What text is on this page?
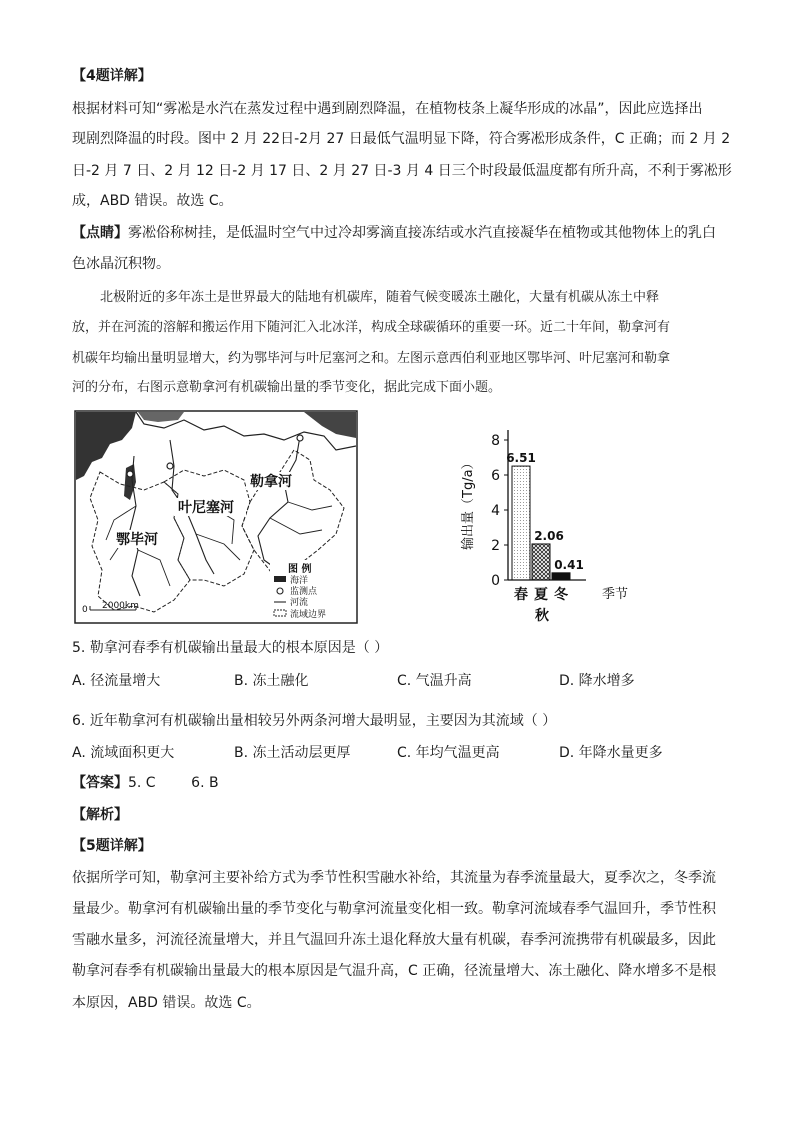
【4题详解】
根据材料可知“雾凇是水汽在蒸发过程中遇到剧烈降温，在植物枝条上凝华形成的冰晶”，因此应选择出
现剧烈降温的时段。图中 2 月 22日-2月 27 日最低气温明显下降，符合雾凇形成条件，C 正确；而 2 月 2
日-2 月 7 日、2 月 12 日-2 月 17 日、2 月 27 日-3 月 4 日三个时段最低温度都有所升高，不利于雾凇形
成，ABD 错误。故选 C。
【点睛】雾凇俗称树挂，是低温时空气中过冷却雾滴直接冻结或水汽直接凝华在植物或其他物体上的乳白
色冰晶沉积物。
北极附近的多年冻土是世界最大的陆地有机碳库，随着气候变暖冻土融化，大量有机碳从冻土中释
放，并在河流的溶解和搬运作用下随河汇入北冰洋，构成全球碳循环的重要一环。近二十年间，勒拿河有
机碳年均输出量明显增大，约为鄂毕河与叶尼塞河之和。左图示意西伯利亚地区鄂毕河、叶尼塞河和勒拿
河的分布，右图示意勒拿河有机碳输出量的季节变化，据此完成下面小题。
勒拿河
叶尼塞河
鄂毕河
图 例
海洋
监测点
河流
流域边界
0 2000km
输出量（Tg/a）
0
2
4
6
8
6.51
2.06
0.41
春 夏 冬
秋
季节
5. 勒拿河春季有机碳输出量最大的根本原因是（ ）
A. 径流量增大	B. 冻土融化	C. 气温升高	D. 降水增多
6. 近年勒拿河有机碳输出量相较另外两条河增大最明显，主要因为其流域（ ）
A. 流域面积更大	B. 冻土活动层更厚	C. 年均气温更高	D. 年降水量更多
【答案】5. C        6. B
【解析】
【5题详解】
依据所学可知，勒拿河主要补给方式为季节性积雪融水补给，其流量为春季流量最大，夏季次之，冬季流
量最少。勒拿河有机碳输出量的季节变化与勒拿河流量变化相一致。勒拿河流域春季气温回升，季节性积
雪融水量多，河流径流量增大，并且气温回升冻土退化释放大量有机碳，春季河流携带有机碳最多，因此
勒拿河春季有机碳输出量最大的根本原因是气温升高，C 正确，径流量增大、冻土融化、降水增多不是根
本原因，ABD 错误。故选 C。
